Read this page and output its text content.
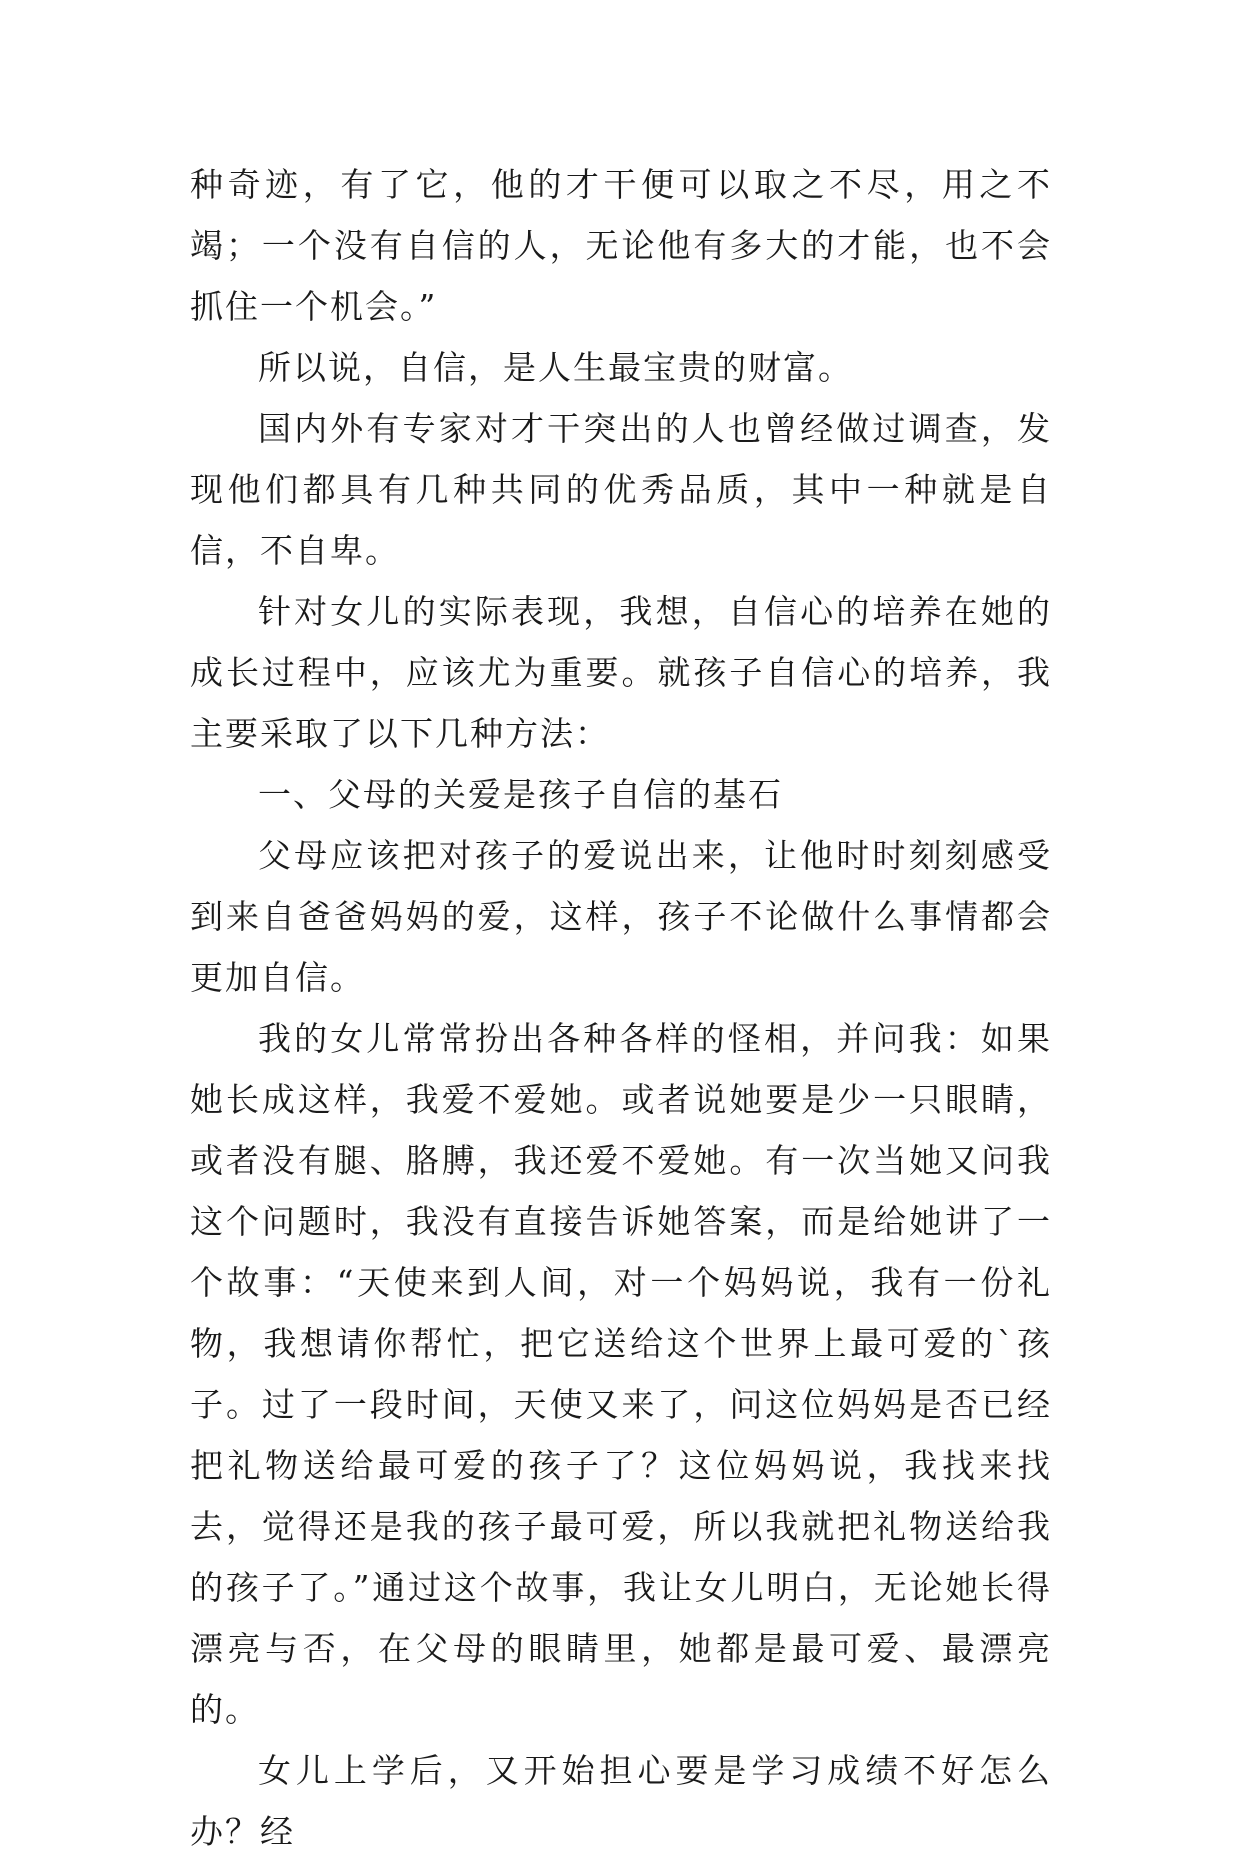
种奇迹，有了它，他的才干便可以取之不尽，用之不竭；一个没有自信的人，无论他有多大的才能，也不会抓住一个机会。”

所以说，自信，是人生最宝贵的财富。

国内外有专家对才干突出的人也曾经做过调查，发现他们都具有几种共同的优秀品质，其中一种就是自信，不自卑。

针对女儿的实际表现，我想，自信心的培养在她的成长过程中，应该尤为重要。就孩子自信心的培养，我主要采取了以下几种方法：

一、父母的关爱是孩子自信的基石

父母应该把对孩子的爱说出来，让他时时刻刻感受到来自爸爸妈妈的爱，这样，孩子不论做什么事情都会更加自信。

我的女儿常常扮出各种各样的怪相，并问我：如果她长成这样，我爱不爱她。或者说她要是少一只眼睛，或者没有腿、胳膊，我还爱不爱她。有一次当她又问我这个问题时，我没有直接告诉她答案，而是给她讲了一个故事：“天使来到人间，对一个妈妈说，我有一份礼物，我想请你帮忙，把它送给这个世界上最可爱的`孩子。过了一段时间，天使又来了，问这位妈妈是否已经把礼物送给最可爱的孩子了？这位妈妈说，我找来找去，觉得还是我的孩子最可爱，所以我就把礼物送给我的孩子了。”通过这个故事，我让女儿明白，无论她长得漂亮与否，在父母的眼睛里，她都是最可爱、最漂亮的。

女儿上学后，又开始担心要是学习成绩不好怎么办？经
